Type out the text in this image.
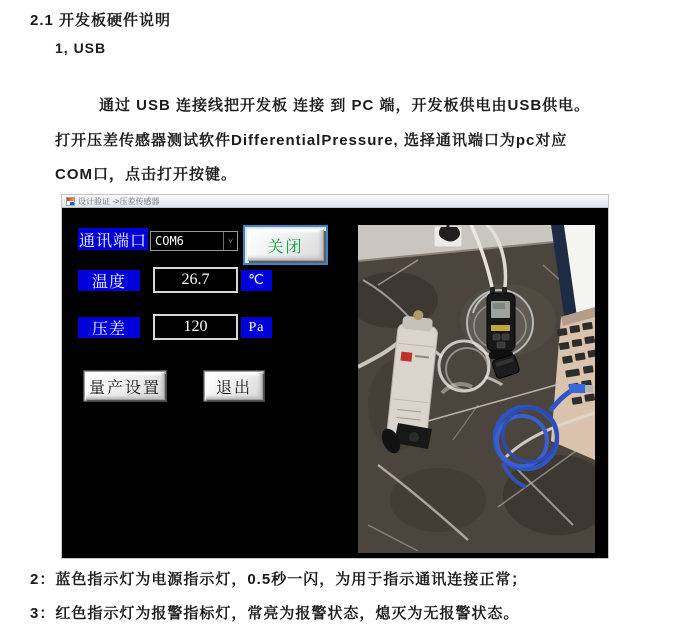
2.1 开发板硬件说明
1, USB
通过 USB 连接线把开发板 连接 到 PC 端，开发板供电由USB供电。
打开压差传感器测试软件DifferentialPressure, 选择通讯端口为pc对应
COM口，点击打开按键。
设计验证 ->压差传感器
通讯端口 COM6	˅	关闭
温度	26.7	℃
压差	120	Pa
量产设置	退出
2：蓝色指示灯为电源指示灯，0.5秒一闪，为用于指示通讯连接正常；
3：红色指示灯为报警指标灯，常亮为报警状态，熄灭为无报警状态。
